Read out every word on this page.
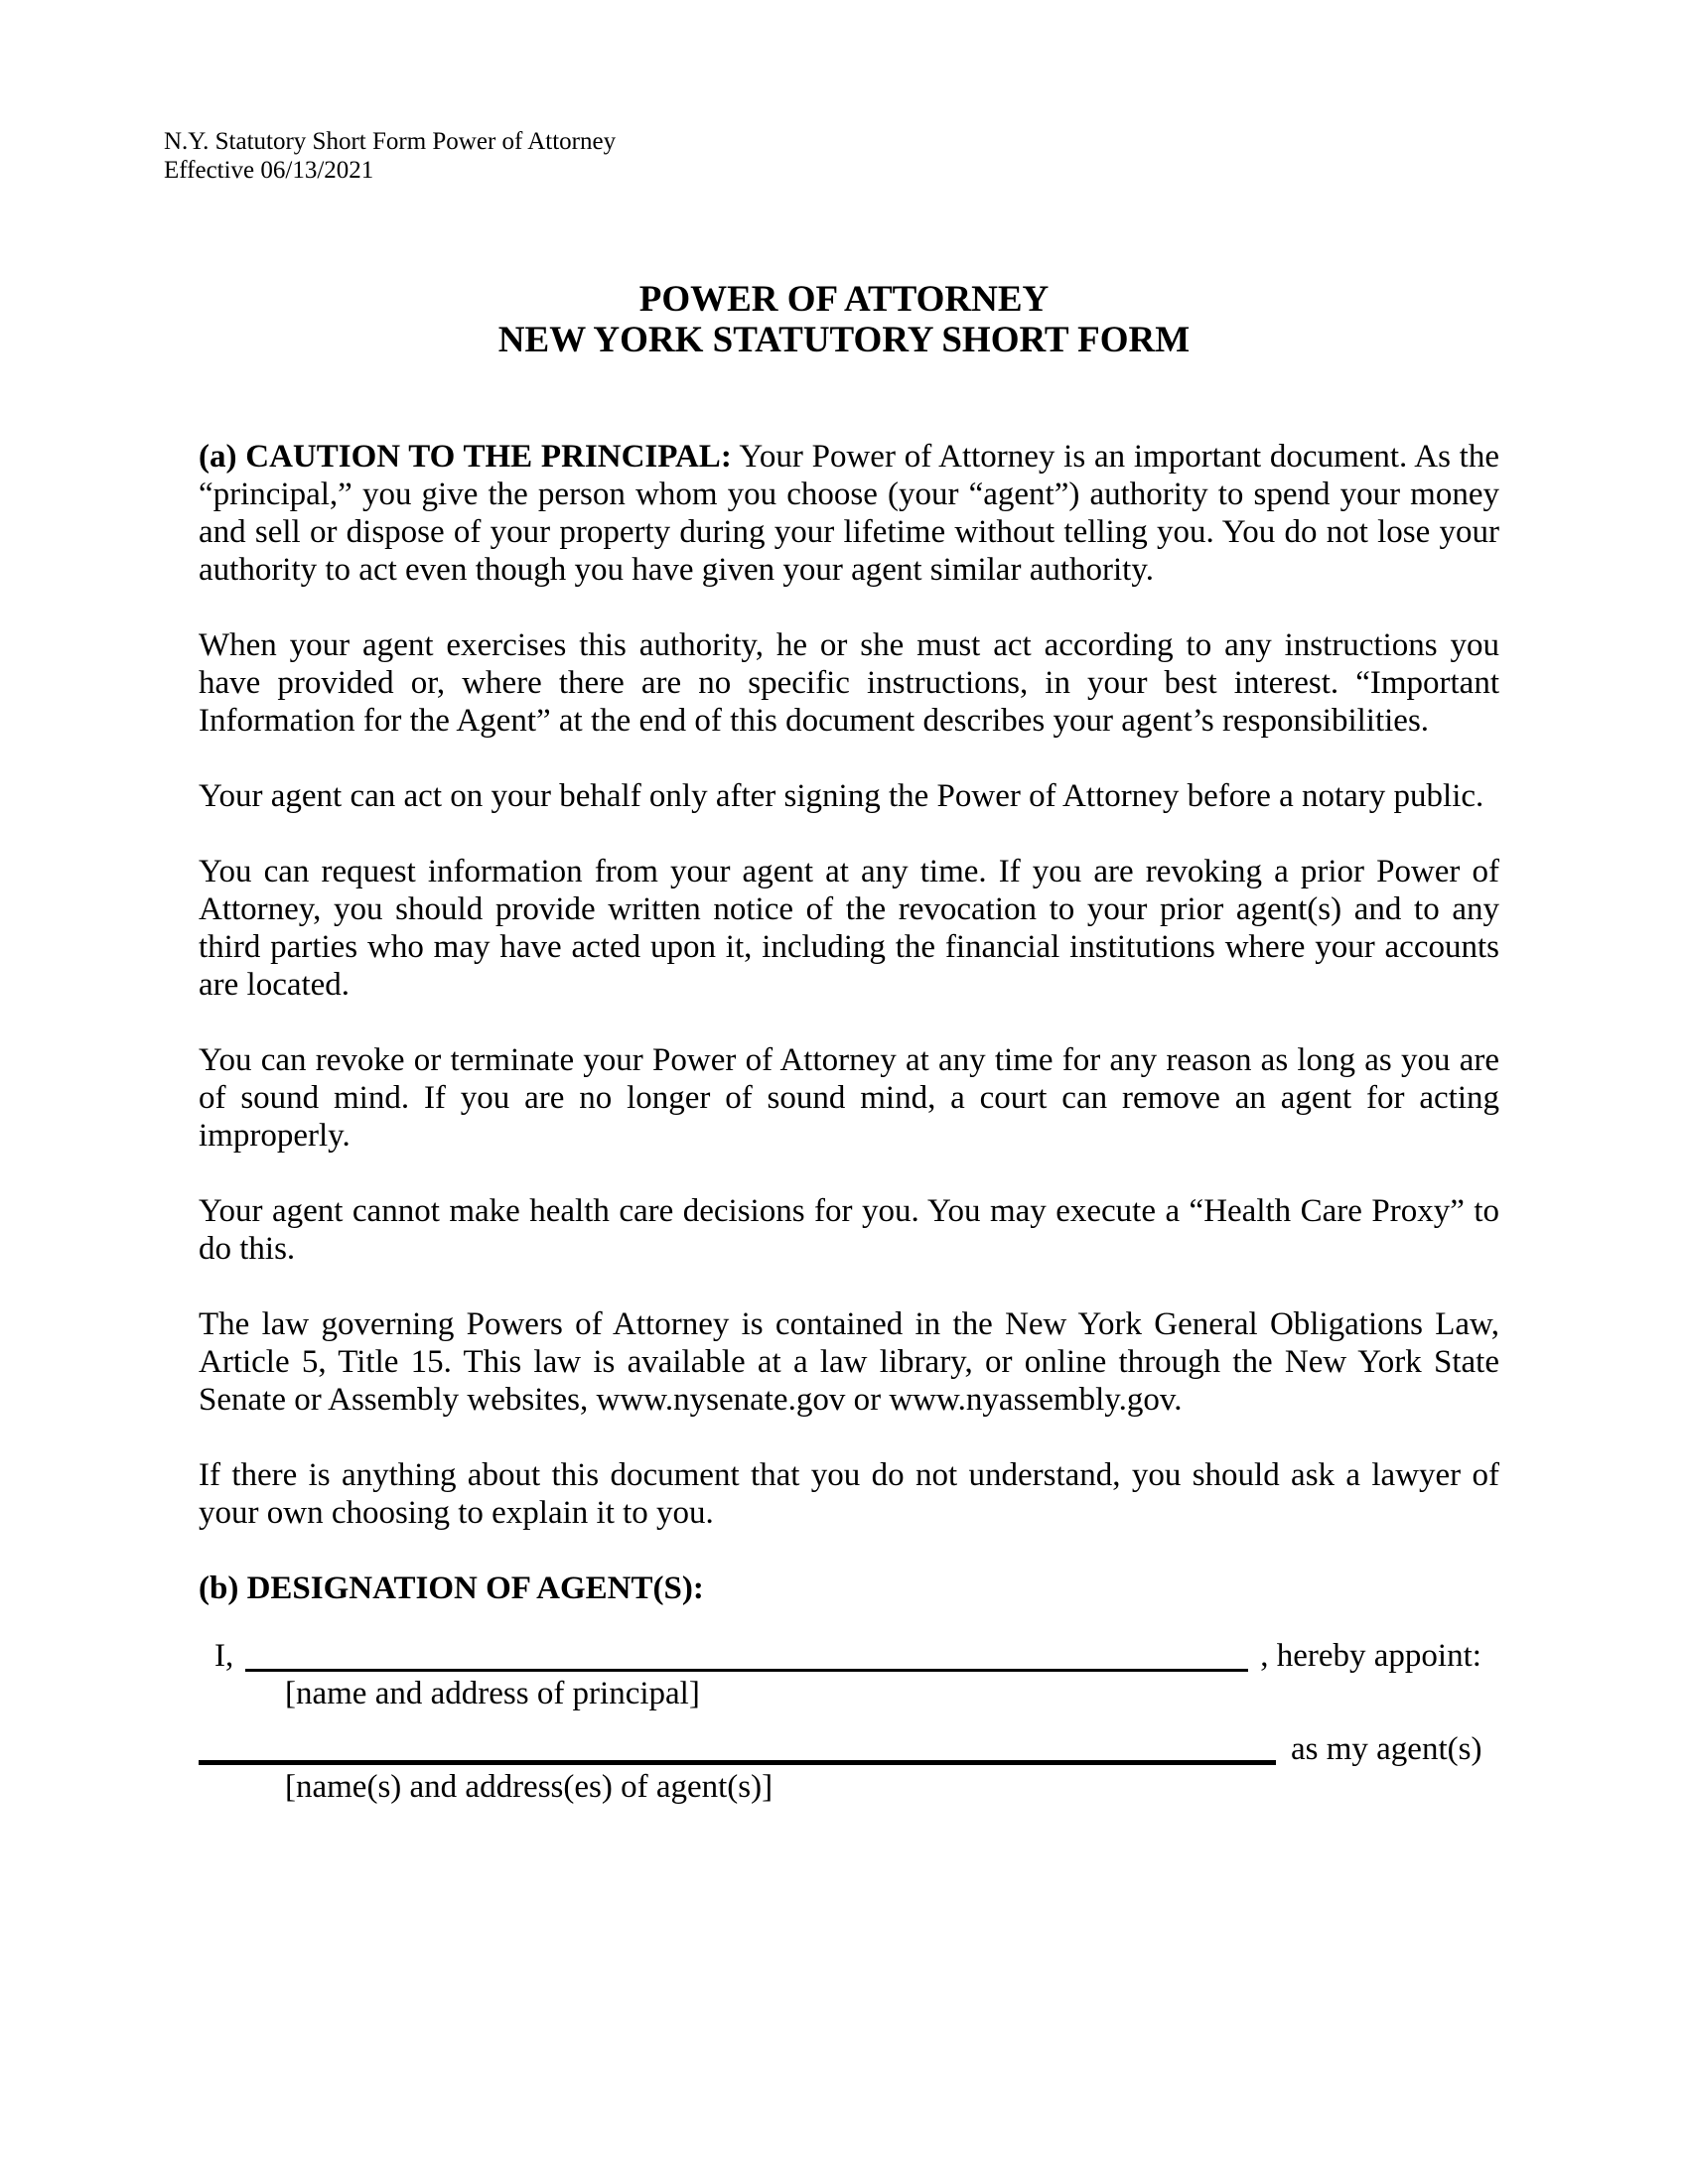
N.Y. Statutory Short Form Power of Attorney
Effective 06/13/2021
POWER OF ATTORNEY
NEW YORK STATUTORY SHORT FORM

(a) CAUTION TO THE PRINCIPAL: Your Power of Attorney is an important document. As the “principal,” you give the person whom you choose (your “agent”) authority to spend your money and sell or dispose of your property during your lifetime without telling you. You do not lose your authority to act even though you have given your agent similar authority.

When your agent exercises this authority, he or she must act according to any instructions you have provided or, where there are no specific instructions, in your best interest. “Important Information for the Agent” at the end of this document describes your agent’s responsibilities.

Your agent can act on your behalf only after signing the Power of Attorney before a notary public.

You can request information from your agent at any time. If you are revoking a prior Power of Attorney, you should provide written notice of the revocation to your prior agent(s) and to any third parties who may have acted upon it, including the financial institutions where your accounts are located.

You can revoke or terminate your Power of Attorney at any time for any reason as long as you are of sound mind. If you are no longer of sound mind, a court can remove an agent for acting improperly.

Your agent cannot make health care decisions for you. You may execute a “Health Care Proxy” to do this.

The law governing Powers of Attorney is contained in the New York General Obligations Law, Article 5, Title 15. This law is available at a law library, or online through the New York State Senate or Assembly websites, www.nysenate.gov or www.nyassembly.gov.

If there is anything about this document that you do not understand, you should ask a lawyer of your own choosing to explain it to you.

(b) DESIGNATION OF AGENT(S):
I,	, hereby appoint:
[name and address of principal]
as my agent(s)
[name(s) and address(es) of agent(s)]
